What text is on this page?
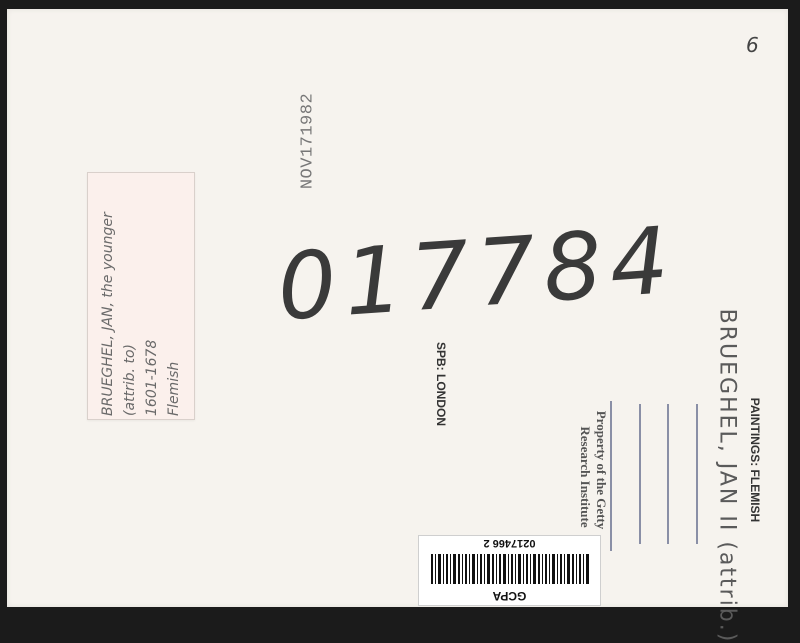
6
NOV171982
BRUEGHEL, JAN, the younger (attrib. to) 1601-1678 Flemish
017784
SPB: LONDON
Property of the Getty
Research Institute	PAINTINGS: FLEMISH
BRUEGHEL, JAN II (attrib.)
0217466 2
GCPA
